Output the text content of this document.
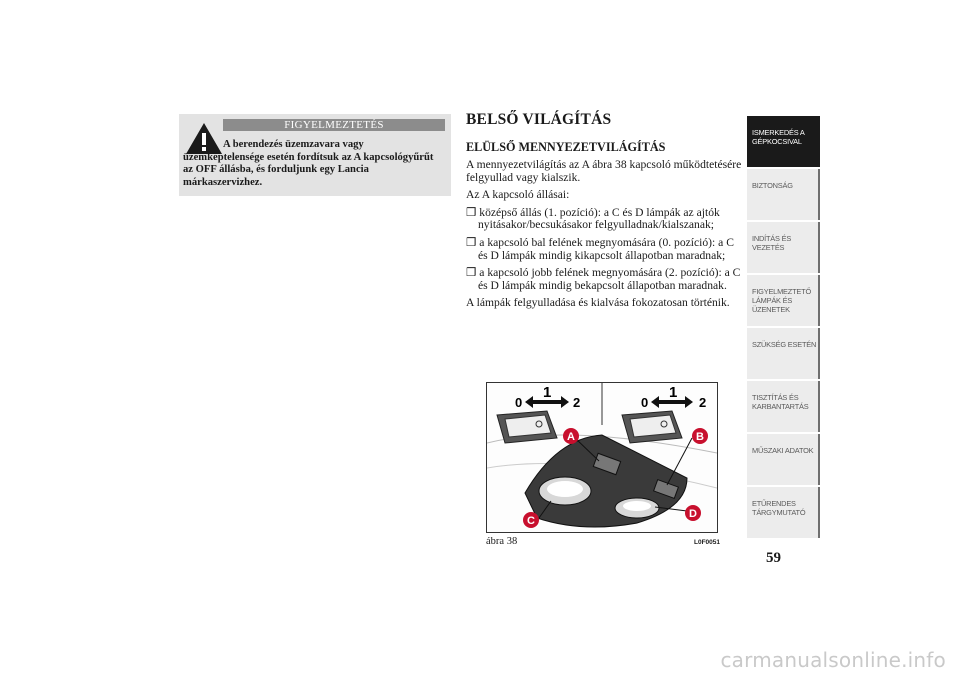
FIGYELMEZTETÉS
A berendezés üzemzavara vagy üzemképtelensége esetén fordítsuk az A kapcsológyűrűt az OFF állásba, és forduljunk egy Lancia márkaszervizhez.
BELSŐ VILÁGÍTÁS
ELÜLSŐ MENNYEZETVILÁGÍTÁS

A mennyezetvilágítás az A ábra 38 kapcsoló működtetésére felgyullad vagy kialszik.

Az A kapcsoló állásai:

❒ középső állás (1. pozíció): a C és D lámpák az ajtók nyitásakor/becsukásakor felgyulladnak/kialszanak;

❒ a kapcsoló bal felének megnyomására (0. pozíció): a C és D lámpák mindig kikapcsolt állapotban maradnak;

❒ a kapcsoló jobb felének megnyomására (2. pozíció): a C és D lámpák mindig bekapcsolt állapotban maradnak.

A lámpák felgyulladása és kialvása fokozatosan történik.

0
1
2	0
1
2
A	B
C
D
ábra 38	L0F0051
ISMERKEDÉS A
GÉPKOCSIVAL
BIZTONSÁG
INDÍTÁS ÉS
VEZETÉS
FIGYELMEZTETŐ
LÁMPÁK ÉS
ÜZENETEK
SZÜKSÉG ESETÉN
TISZTÍTÁS ÉS
KARBANTARTÁS
MŰSZAKI ADATOK
ETŰRENDES
TÁRGYMUTATÓ
59
carmanualsonline.info
